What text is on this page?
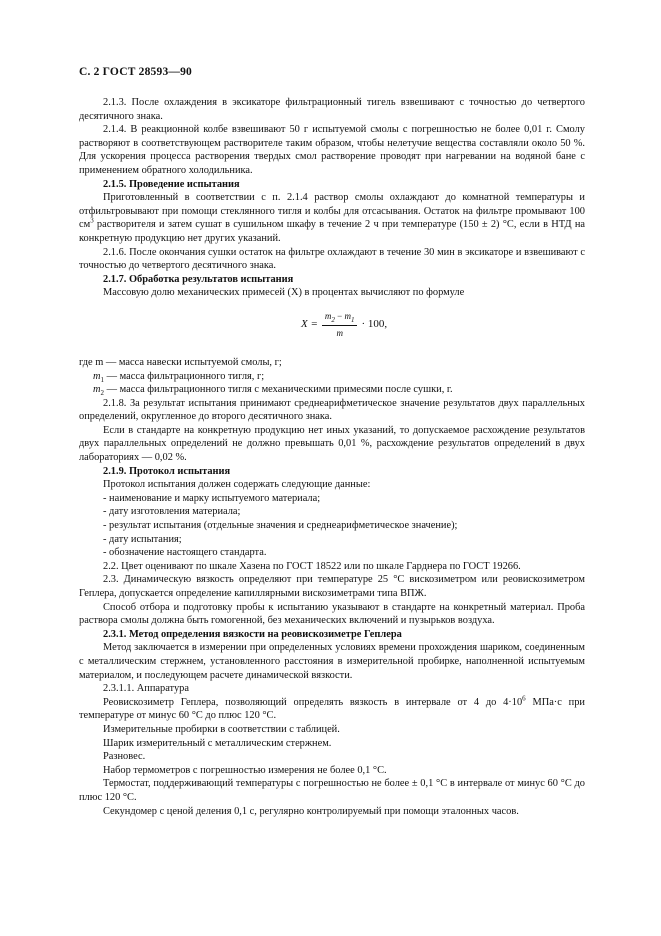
С. 2 ГОСТ 28593—90

2.1.3. После охлаждения в эксикаторе фильтрационный тигель взвешивают с точностью до четвертого десятичного знака.

2.1.4. В реакционной колбе взвешивают 50 г испытуемой смолы с погрешностью не более 0,01 г. Смолу растворяют в соответствующем растворителе таким образом, чтобы нелетучие вещества составляли около 50 %. Для ускорения процесса растворения твердых смол растворение проводят при нагревании на водяной бане с применением обратного холодильника.

2.1.5. Проведение испытания

Приготовленный в соответствии с п. 2.1.4 раствор смолы охлаждают до комнатной температуры и отфильтровывают при помощи стеклянного тигля и колбы для отсасывания. Остаток на фильтре промывают 100 $см^3$ растворителя и затем сушат в сушильном шкафу в течение 2 ч при температуре (150 ± 2) °С, если в НТД на конкретную продукцию нет других указаний.

2.1.6. После окончания сушки остаток на фильтре охлаждают в течение 30 мин в эксикаторе и взвешивают с точностью до четвертого десятичного знака.

2.1.7. Обработка результатов испытания

Массовую долю механических примесей (X) в процентах вычисляют по формуле

$X = \frac{m_2 - m_1}{m} \cdot 100$,

где m — масса навески испытуемой смолы, г;

$m_1$ — масса фильтрационного тигля, г;

$m_2$ — масса фильтрационного тигля с механическими примесями после сушки, г.

2.1.8. За результат испытания принимают среднеарифметическое значение результатов двух параллельных определений, округленное до второго десятичного знака.

Если в стандарте на конкретную продукцию нет иных указаний, то допускаемое расхождение результатов двух параллельных определений не должно превышать 0,01 %, расхождение результатов определений в двух лабораториях — 0,02 %.

2.1.9. Протокол испытания

Протокол испытания должен содержать следующие данные:

- наименование и марку испытуемого материала;

- дату изготовления материала;

- результат испытания (отдельные значения и среднеарифметическое значение);

- дату испытания;

- обозначение настоящего стандарта.

2.2. Цвет оценивают по шкале Хазена по ГОСТ 18522 или по шкале Гарднера по ГОСТ 19266.

2.3. Динамическую вязкость определяют при температуре 25 °С вискозиметром или реовискозиметром Геплера, допускается определение капиллярными вискозиметрами типа ВПЖ.

Способ отбора и подготовку пробы к испытанию указывают в стандарте на конкретный материал. Проба раствора смолы должна быть гомогенной, без механических включений и пузырьков воздуха.

2.3.1. Метод определения вязкости на реовискозиметре Геплера

Метод заключается в измерении при определенных условиях времени прохождения шариком, соединенным с металлическим стержнем, установленного расстояния в измерительной пробирке, наполненной испытуемым материалом, и последующем расчете динамической вязкости.

2.3.1.1. Аппаратура

Реовискозиметр Геплера, позволяющий определять вязкость в интервале от 4 до $4\cdot 10^6$ МПа·с при температуре от минус 60 °С до плюс 120 °С.

Измерительные пробирки в соответствии с таблицей.

Шарик измерительный с металлическим стержнем.

Разновес.

Набор термометров с погрешностью измерения не более 0,1 °С.

Термостат, поддерживающий температуры с погрешностью не более ± 0,1 °С в интервале от минус 60 °С до плюс 120 °С.

Секундомер с ценой деления 0,1 с, регулярно контролируемый при помощи эталонных часов.
